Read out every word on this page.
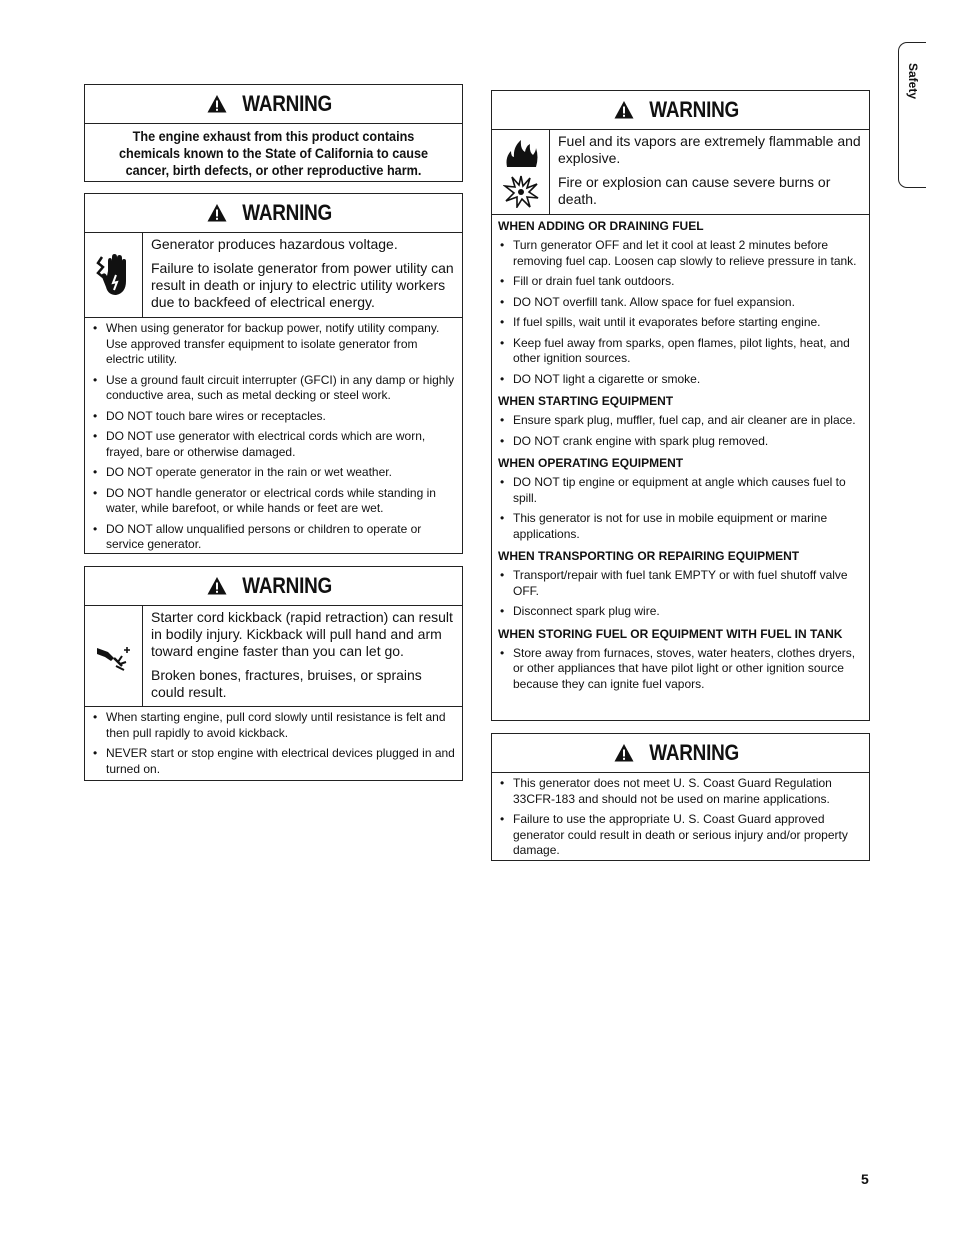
Safety
WARNING
The engine exhaust from this product contains chemicals known to the State of California to cause cancer, birth defects, or other reproductive harm.
WARNING

Generator produces hazardous voltage.

Failure to isolate generator from power utility can result in death or injury to electric utility workers due to backfeed of electrical energy.

• When using generator for backup power, notify utility company. Use approved transfer equipment to isolate generator from electric utility.
• Use a ground fault circuit interrupter (GFCI) in any damp or highly conductive area, such as metal decking or steel work.
• DO NOT touch bare wires or receptacles.
• DO NOT use generator with electrical cords which are worn, frayed, bare or otherwise damaged.
• DO NOT operate generator in the rain or wet weather.
• DO NOT handle generator or electrical cords while standing in water, while barefoot, or while hands or feet are wet.
• DO NOT allow unqualified persons or children to operate or service generator.
WARNING

Starter cord kickback (rapid retraction) can result in bodily injury. Kickback will pull hand and arm toward engine faster than you can let go.

Broken bones, fractures, bruises, or sprains could result.

• When starting engine, pull cord slowly until resistance is felt and then pull rapidly to avoid kickback.
• NEVER start or stop engine with electrical devices plugged in and turned on.
WARNING

Fuel and its vapors are extremely flammable and explosive.

Fire or explosion can cause severe burns or death.

WHEN ADDING OR DRAINING FUEL
• Turn generator OFF and let it cool at least 2 minutes before removing fuel cap. Loosen cap slowly to relieve pressure in tank.
• Fill or drain fuel tank outdoors.
• DO NOT overfill tank. Allow space for fuel expansion.
• If fuel spills, wait until it evaporates before starting engine.
• Keep fuel away from sparks, open flames, pilot lights, heat, and other ignition sources.
• DO NOT light a cigarette or smoke.
WHEN STARTING EQUIPMENT
• Ensure spark plug, muffler, fuel cap, and air cleaner are in place.
• DO NOT crank engine with spark plug removed.
WHEN OPERATING EQUIPMENT
• DO NOT tip engine or equipment at angle which causes fuel to spill.
• This generator is not for use in mobile equipment or marine applications.
WHEN TRANSPORTING OR REPAIRING EQUIPMENT
• Transport/repair with fuel tank EMPTY or with fuel shutoff valve OFF.
• Disconnect spark plug wire.
WHEN STORING FUEL OR EQUIPMENT WITH FUEL IN TANK
• Store away from furnaces, stoves, water heaters, clothes dryers, or other appliances that have pilot light or other ignition source because they can ignite fuel vapors.
WARNING
• This generator does not meet U. S. Coast Guard Regulation 33CFR-183 and should not be used on marine applications.
• Failure to use the appropriate U. S. Coast Guard approved generator could result in death or serious injury and/or property damage.
5
